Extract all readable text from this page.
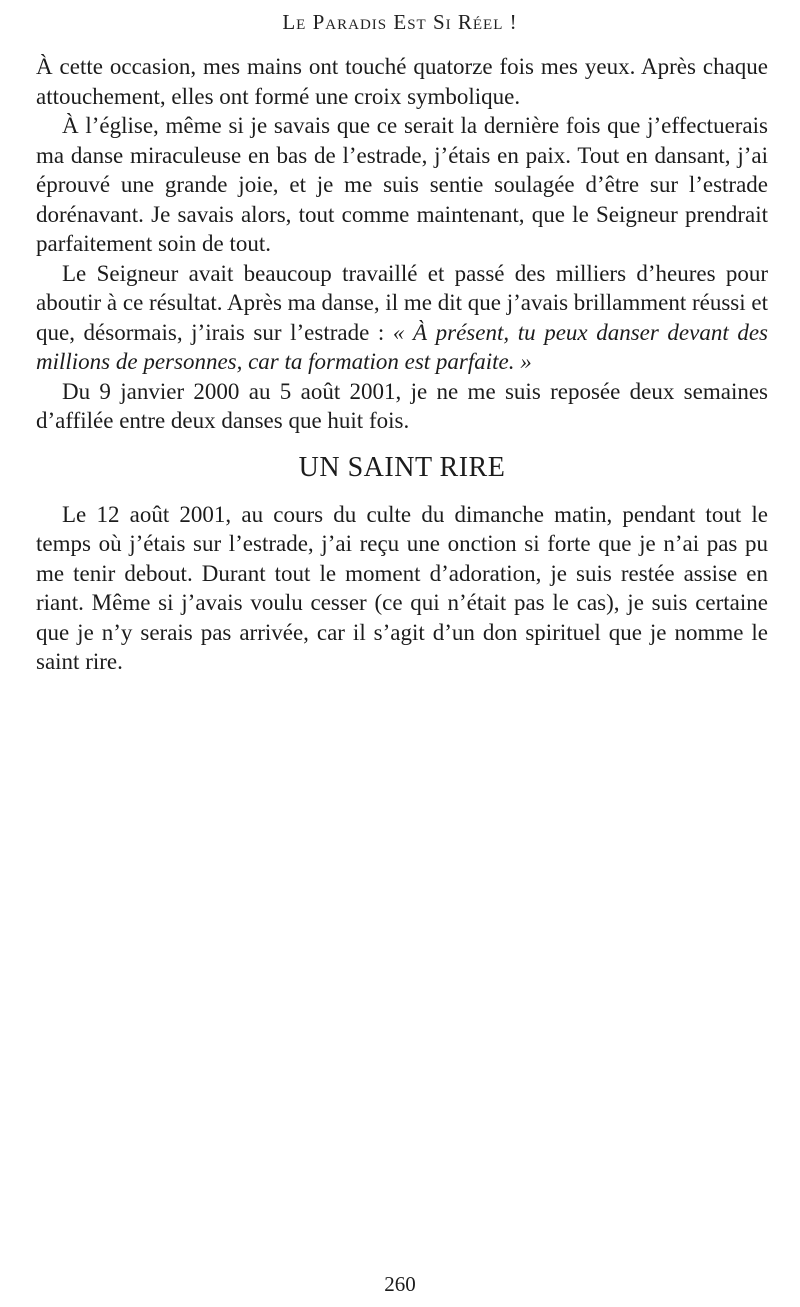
Le Paradis Est Si Réel !

À cette occasion, mes mains ont touché quatorze fois mes yeux. Après chaque attouchement, elles ont formé une croix symbolique.

À l’église, même si je savais que ce serait la dernière fois que j’effectuerais ma danse miraculeuse en bas de l’estrade, j’étais en paix. Tout en dansant, j’ai éprouvé une grande joie, et je me suis sentie soulagée d’être sur l’estrade dorénavant. Je savais alors, tout comme maintenant, que le Seigneur prendrait parfaitement soin de tout.

Le Seigneur avait beaucoup travaillé et passé des milliers d’heures pour aboutir à ce résultat. Après ma danse, il me dit que j’avais brillamment réussi et que, désormais, j’irais sur l’estrade : « À présent, tu peux danser devant des millions de personnes, car ta formation est parfaite. »

Du 9 janvier 2000 au 5 août 2001, je ne me suis reposée deux semaines d’affilée entre deux danses que huit fois.

UN SAINT RIRE

Le 12 août 2001, au cours du culte du dimanche matin, pendant tout le temps où j’étais sur l’estrade, j’ai reçu une onction si forte que je n’ai pas pu me tenir debout. Durant tout le moment d’adoration, je suis restée assise en riant. Même si j’avais voulu cesser (ce qui n’était pas le cas), je suis certaine que je n’y serais pas arrivée, car il s’agit d’un don spirituel que je nomme le saint rire.

260
